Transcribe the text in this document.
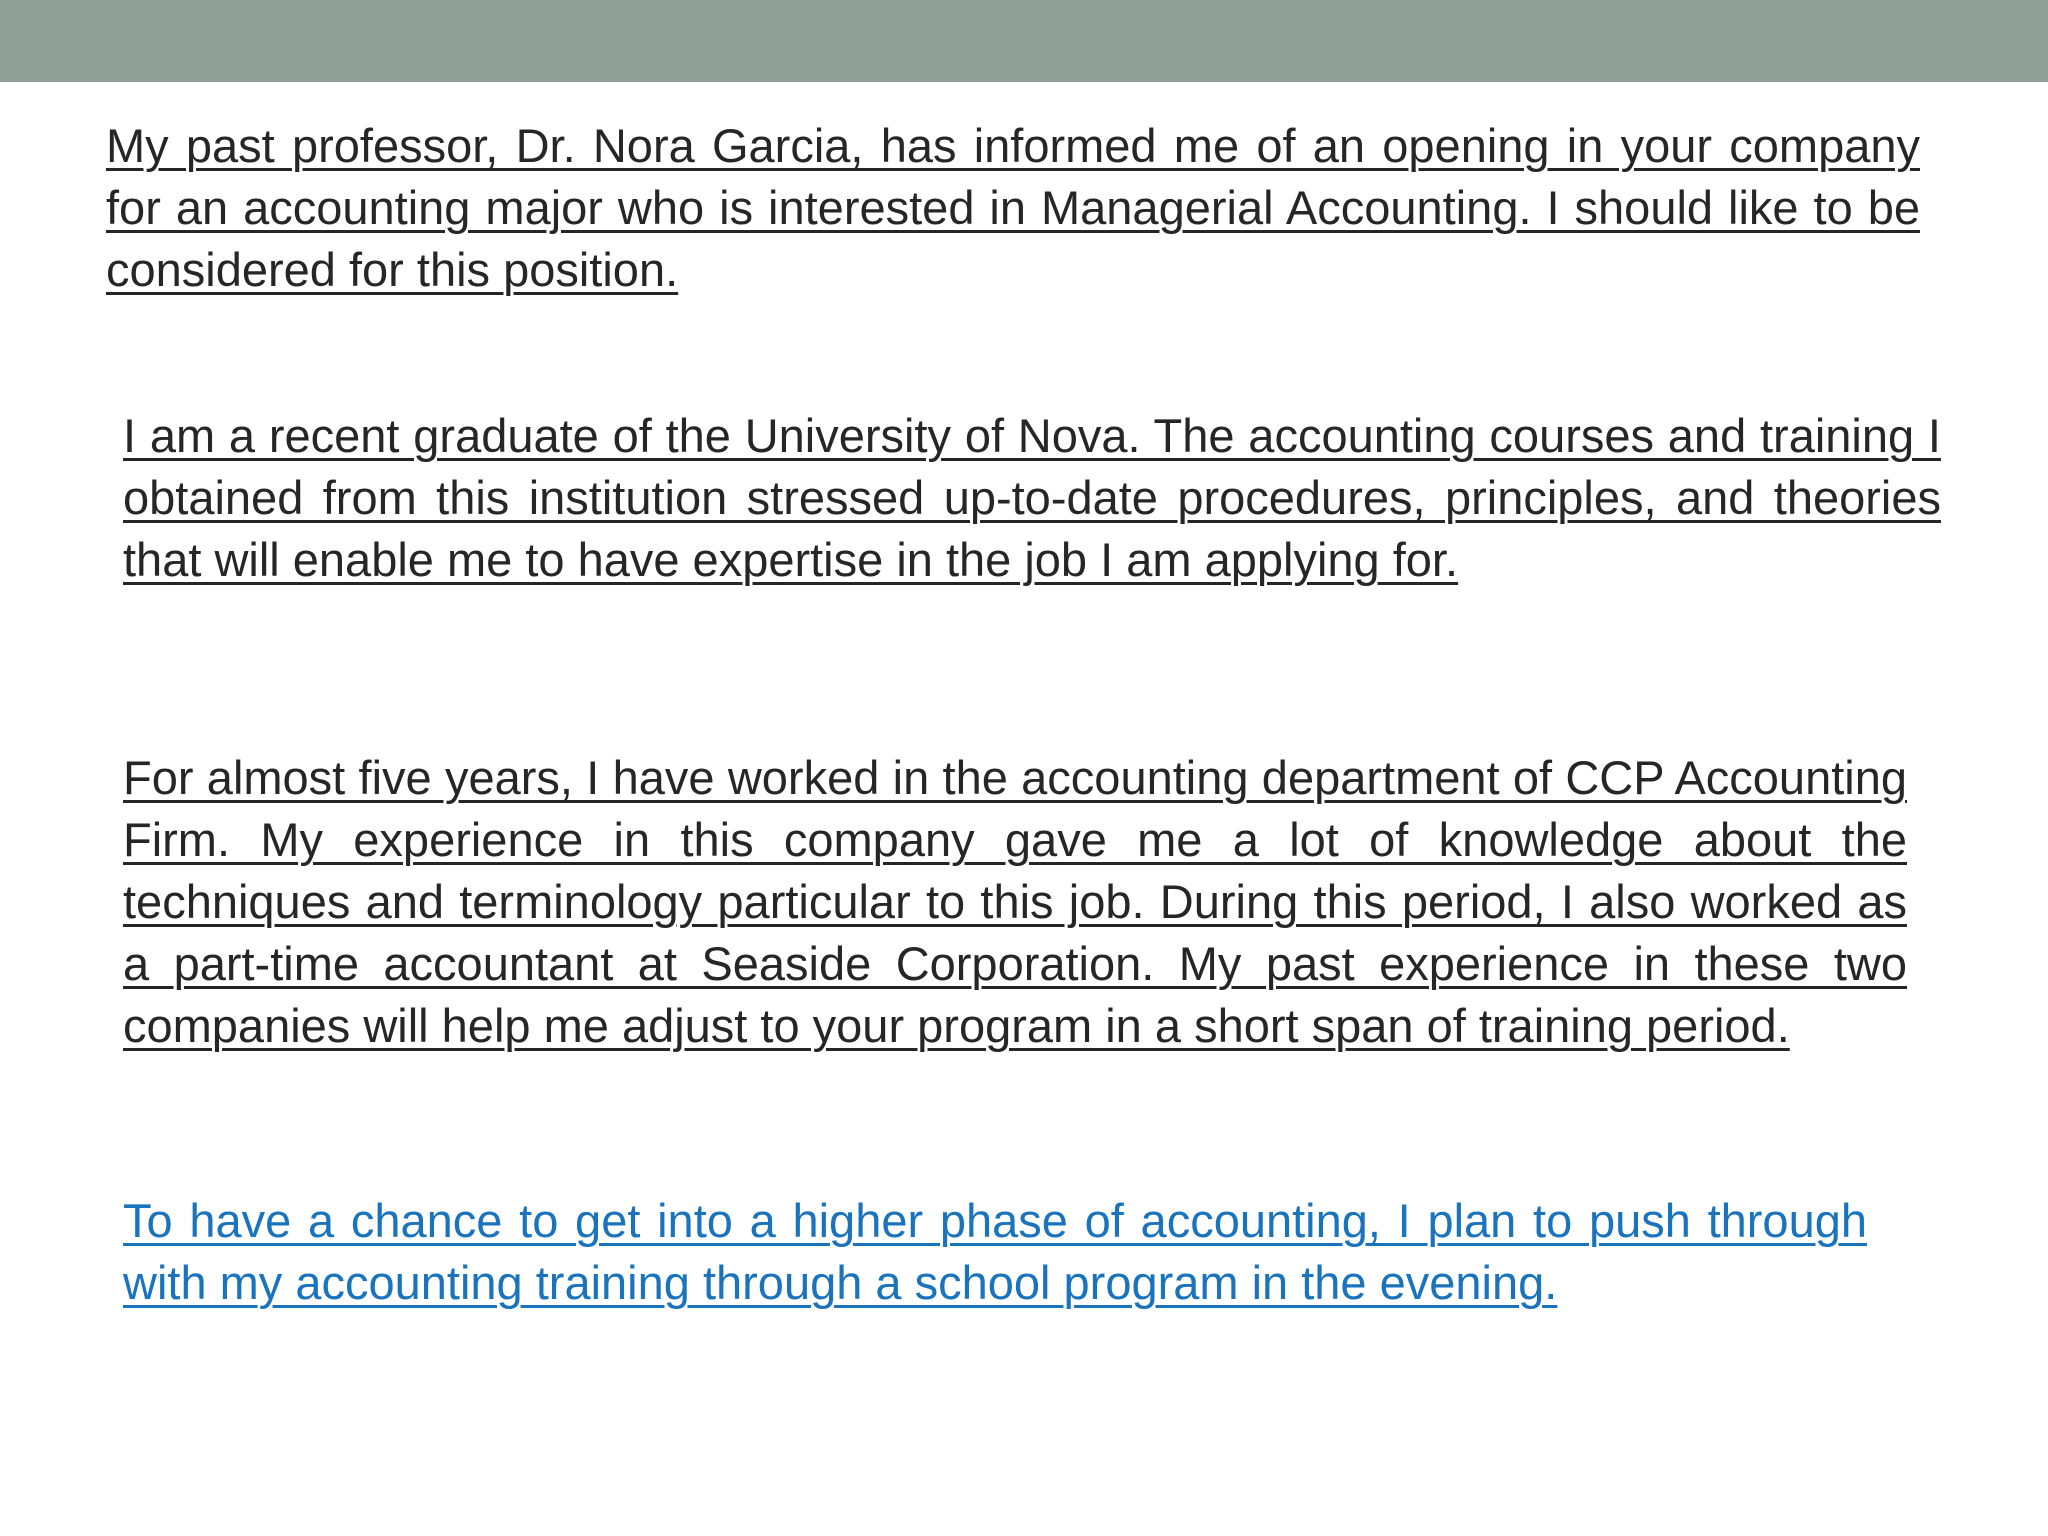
My past professor, Dr. Nora Garcia, has informed me of an opening in your company for an accounting major who is interested in Managerial Accounting. I should like to be considered for this position.

I am a recent graduate of the University of Nova. The accounting courses and training I obtained from this institution stressed up-to-date procedures, principles, and theories that will enable me to have expertise in the job I am applying for.

For almost five years, I have worked in the accounting department of CCP Accounting Firm. My experience in this company gave me a lot of knowledge about the techniques and terminology particular to this job. During this period, I also worked as a part-time accountant at Seaside Corporation. My past experience in these two companies will help me adjust to your program in a short span of training period.

To have a chance to get into a higher phase of accounting, I plan to push through with my accounting training through a school program in the evening.
